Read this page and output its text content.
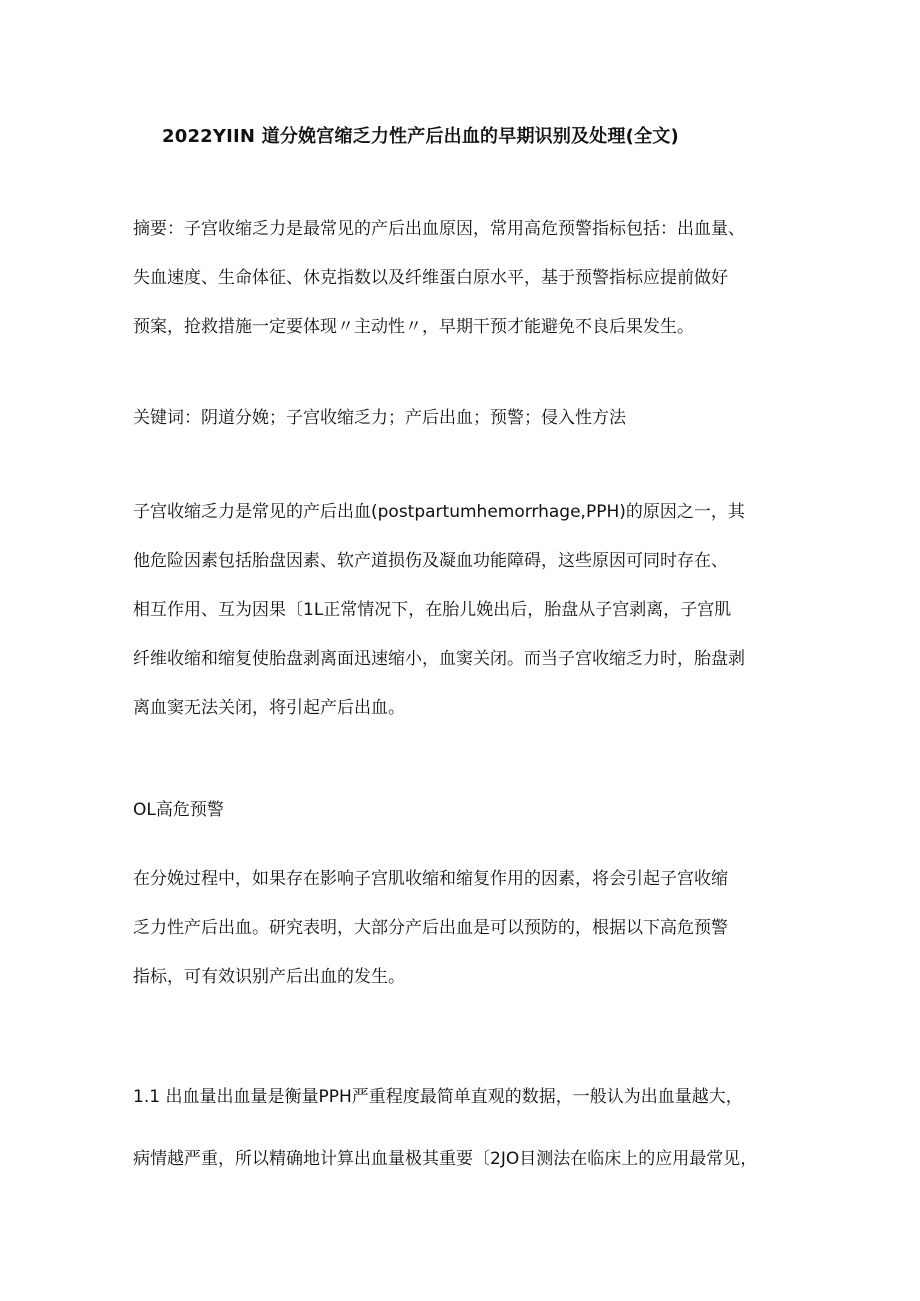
2022YIIN 道分娩宫缩乏力性产后出血的早期识别及处理(全文)
摘要：子宫收缩乏力是最常见的产后出血原因，常用高危预警指标包括：出血量、
失血速度、生命体征、休克指数以及纤维蛋白原水平，基于预警指标应提前做好
预案，抢救措施一定要体现〃主动性〃，早期干预才能避免不良后果发生。
关键词：阴道分娩；子宫收缩乏力；产后出血；预警；侵入性方法
子宫收缩乏力是常见的产后出血(postpartumhemorrhage,PPH)的原因之一，其
他危险因素包括胎盘因素、软产道损伤及凝血功能障碍，这些原因可同时存在、
相互作用、互为因果〔1L正常情况下，在胎儿娩出后，胎盘从子宫剥离，子宫肌
纤维收缩和缩复使胎盘剥离面迅速缩小，血窦关闭。而当子宫收缩乏力时，胎盘剥
离血窦无法关闭，将引起产后出血。
OL高危预警
在分娩过程中，如果存在影响子宫肌收缩和缩复作用的因素，将会引起子宫收缩
乏力性产后出血。研究表明，大部分产后出血是可以预防的，根据以下高危预警
指标，可有效识别产后出血的发生。
1.1 出血量出血量是衡量PPH严重程度最简单直观的数据，一般认为出血量越大，
病情越严重，所以精确地计算出血量极其重要〔2JO目测法在临床上的应用最常见，
